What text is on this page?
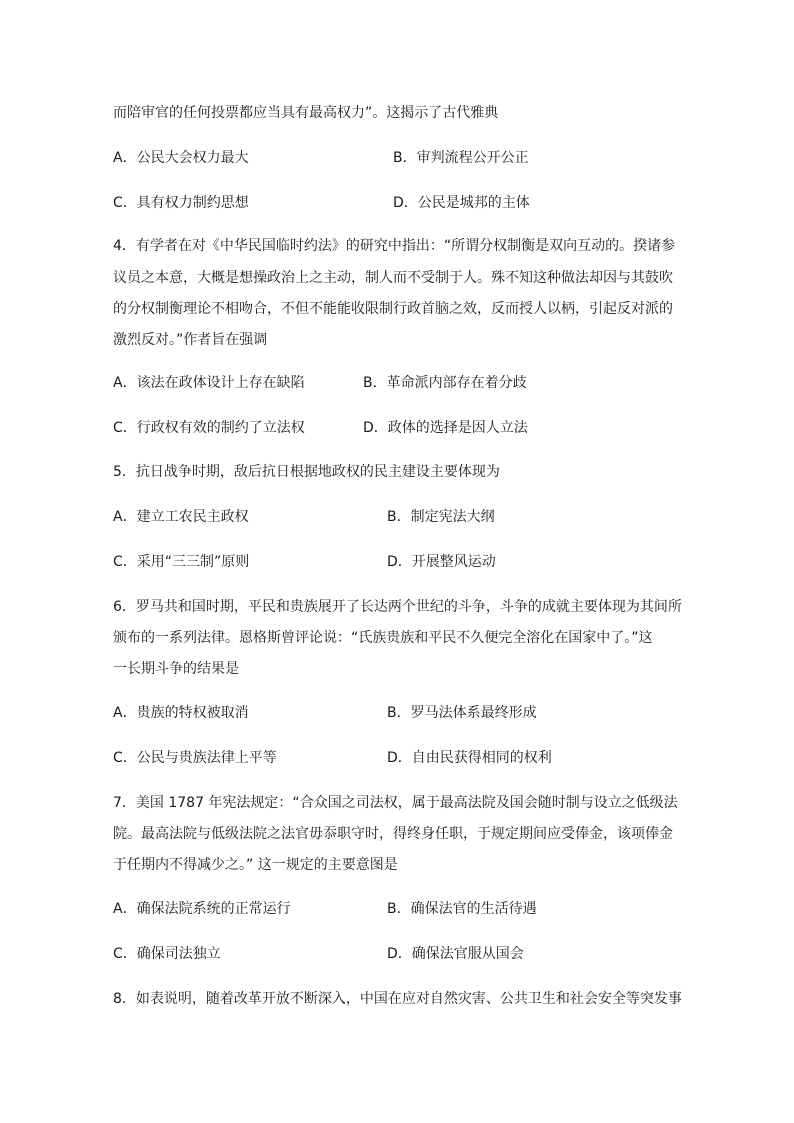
而陪审官的任何投票都应当具有最高权力”。这揭示了古代雅典
A．公民大会权力最大	B．审判流程公开公正
C．具有权力制约思想	D．公民是城邦的主体
4．有学者在对《中华民国临时约法》的研究中指出：“所谓分权制衡是双向互动的。揆诸参
议员之本意，大概是想操政治上之主动，制人而不受制于人。殊不知这种做法却因与其鼓吹
的分权制衡理论不相吻合，不但不能能收限制行政首脑之效，反而授人以柄，引起反对派的
激烈反对。”作者旨在强调
A．该法在政体设计上存在缺陷	B．革命派内部存在着分歧
C．行政权有效的制约了立法权	D．政体的选择是因人立法
5．抗日战争时期，敌后抗日根据地政权的民主建设主要体现为
A．建立工农民主政权	B．制定宪法大纲
C．采用“三三制”原则	D．开展整风运动
6．罗马共和国时期，平民和贵族展开了长达两个世纪的斗争，斗争的成就主要体现为其间所
颁布的一系列法律。恩格斯曾评论说：“氏族贵族和平民不久便完全溶化在国家中了。”这
一长期斗争的结果是
A．贵族的特权被取消	B．罗马法体系最终形成
C．公民与贵族法律上平等	D．自由民获得相同的权利
7．美国 1787 年宪法规定：“合众国之司法权，属于最高法院及国会随时制与设立之低级法
院。最高法院与低级法院之法官毋忝职守时，得终身任职，于规定期间应受俸金，该项俸金
于任期内不得减少之。” 这一规定的主要意图是
A．确保法院系统的正常运行	B．确保法官的生活待遇
C．确保司法独立	D．确保法官服从国会
8．如表说明，随着改革开放不断深入，中国在应对自然灾害、公共卫生和社会安全等突发事
